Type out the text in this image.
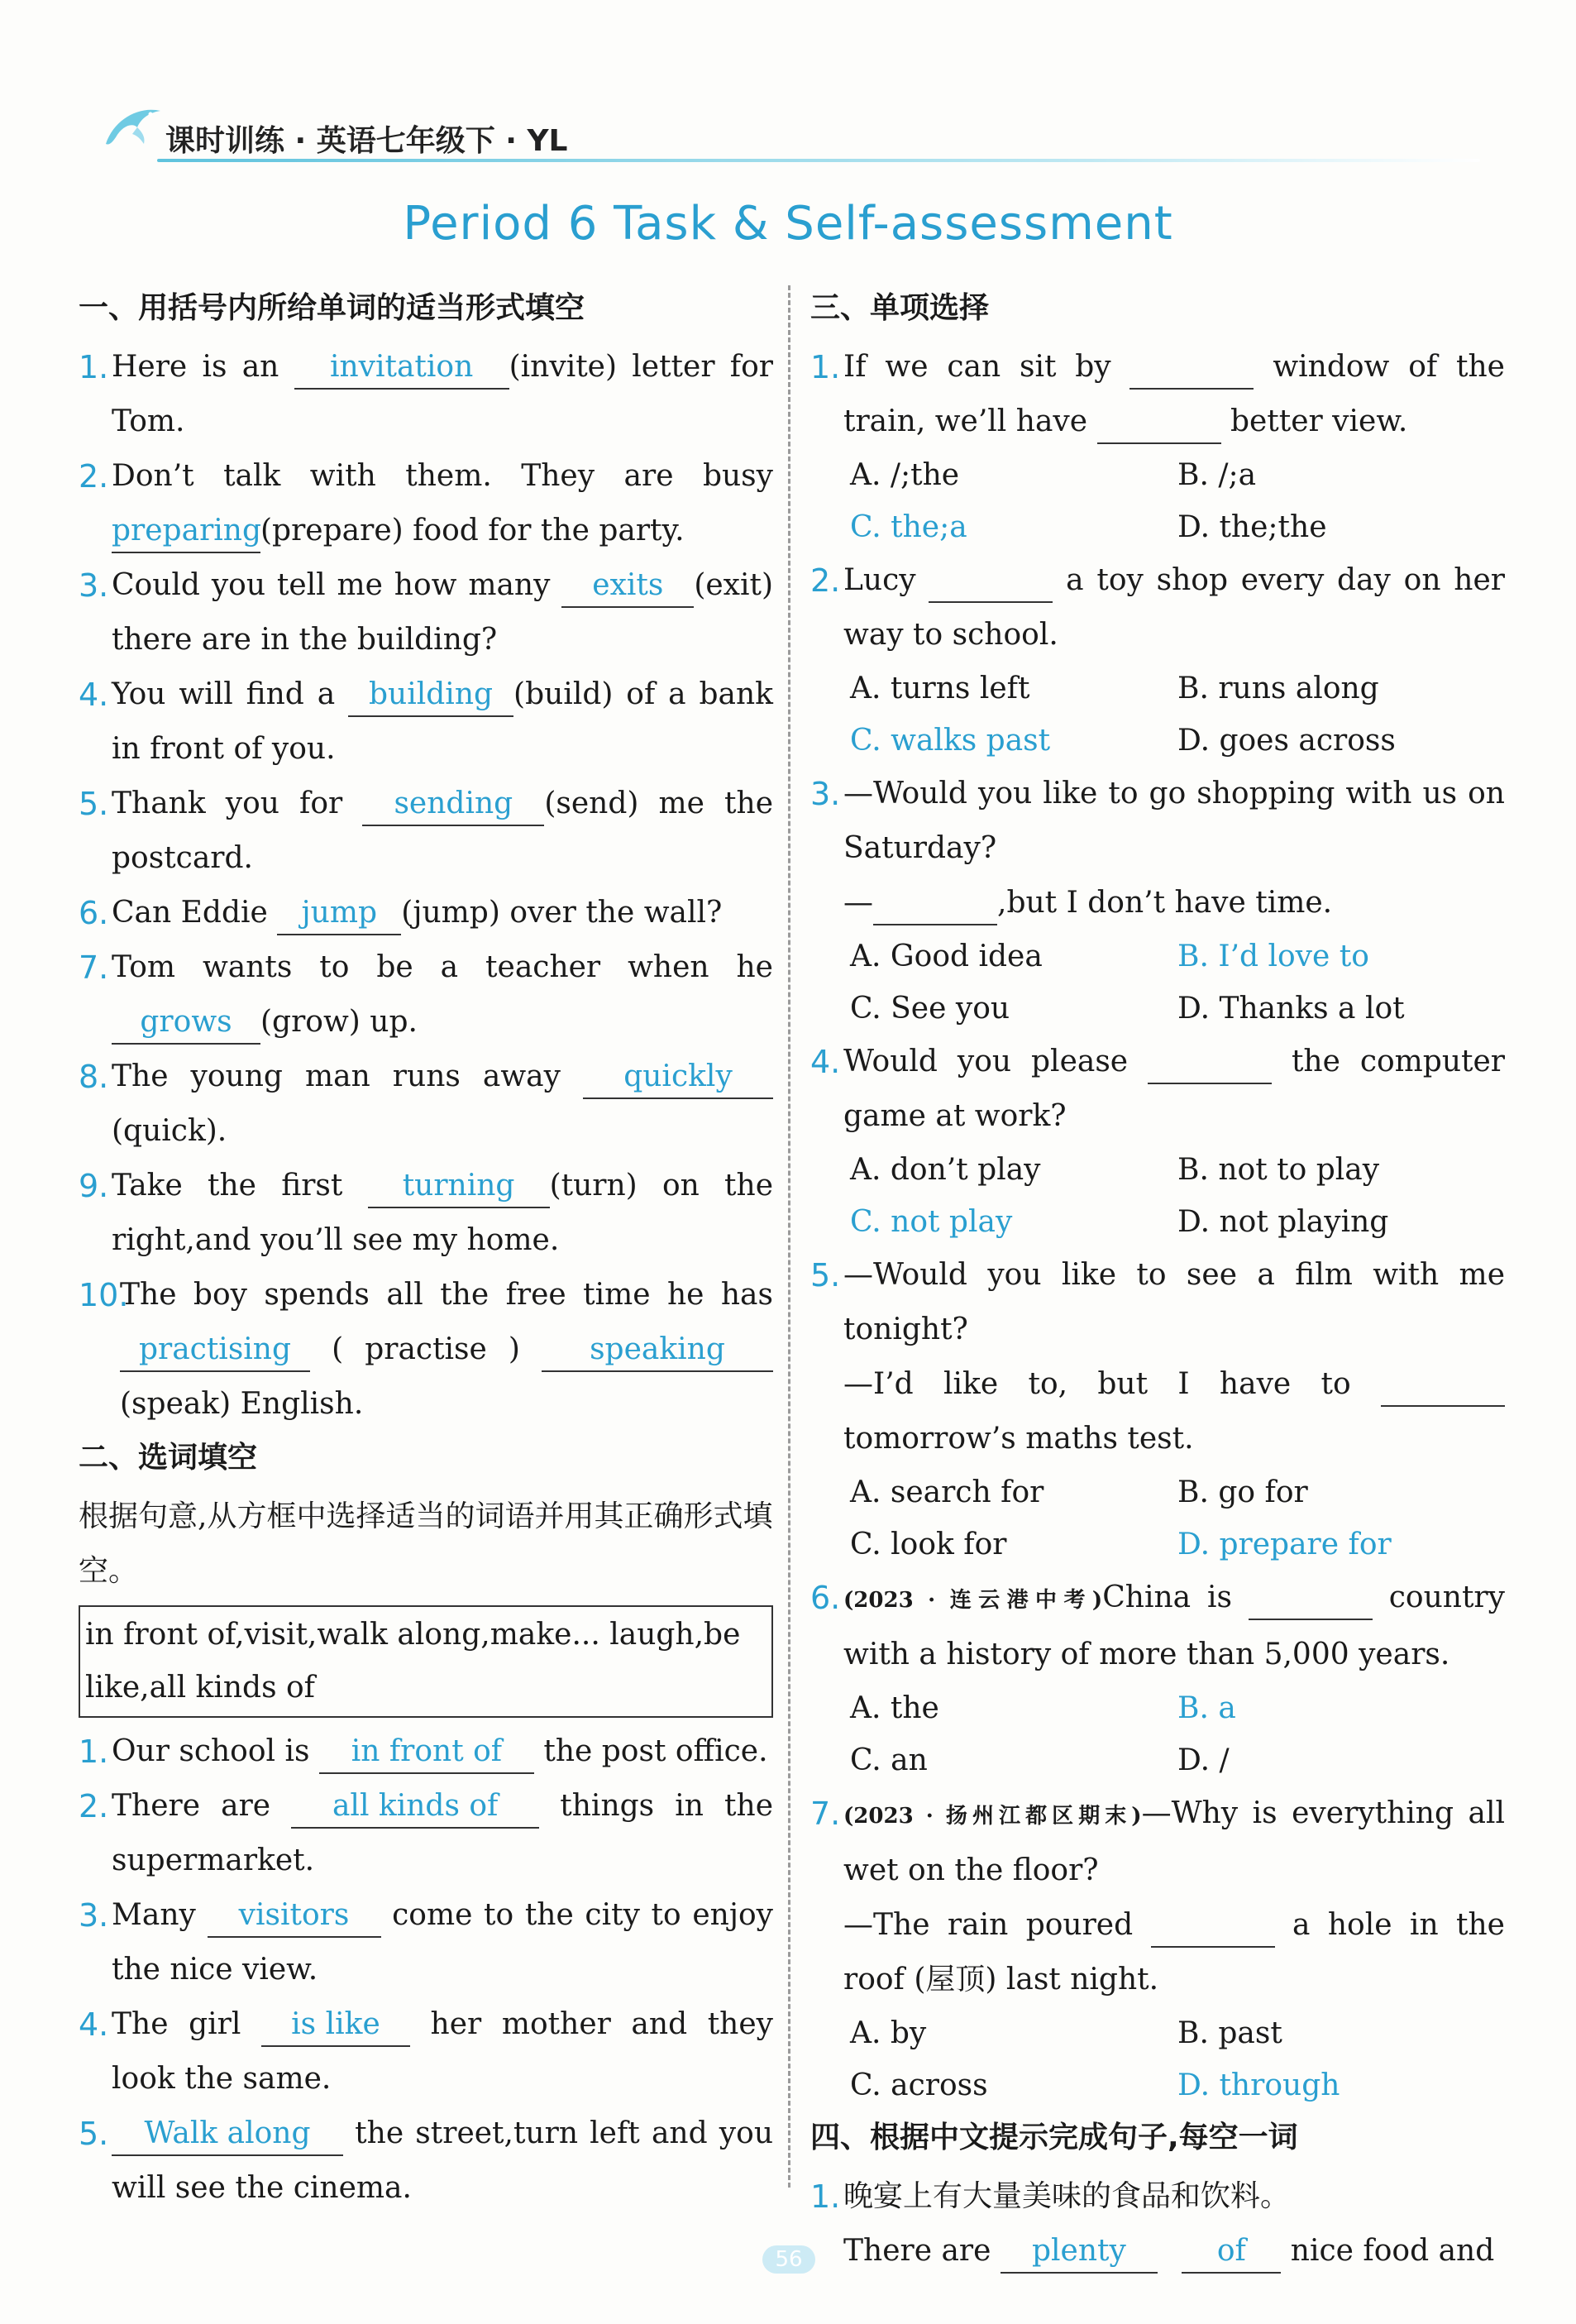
课时训练 · 英语七年级下 · YL
Period 6 Task & Self-assessment
一、用括号内所给单词的适当形式填空
1. Here is an invitation (invite) letter for Tom.
2. Don’t talk with them. They are busy preparing(prepare) food for the party.
3. Could you tell me how many exits (exit) there are in the building?
4. You will find a building (build) of a bank in front of you.
5. Thank you for sending (send) me the postcard.
6. Can Eddie jump (jump) over the wall?
7. Tom wants to be a teacher when he grows (grow) up.
8. The young man runs away quickly(quick).
9. Take the first turning (turn) on the right,and you’ll see my home.
10.
The boy spends all the free time he has practising ( practise ) speaking (speak) English.
二、选词填空

根据句意,从方框中选择适当的词语并用其正确形式填空。

in front of,visit,walk along,make... laugh,be like,all kinds of
1. Our school is in front of the post office.
2. There are all kinds of things in the supermarket.
3. Many visitors come to the city to enjoy the nice view.
4. The girl is like her mother and they look the same.
5. Walk along the street,turn left and you will see the cinema.
三、单项选择
1. If we can sit by	window of the train, we’ll have	better view.
A. /;the	B. /;a
C. the;a	D. the;the
2. Lucy	a toy shop every day on her way to school.
A. turns left	B. runs along
C. walks past	D. goes across
3. —Would you like to go shopping with us on Saturday?
—	,but I don’t have time.
A. Good idea	B. I’d love to
C. See you	D. Thanks a lot
4. Would you please	the computer game at work?
A. don’t play	B. not to play
C. not play	D. not playing
5. —Would you like to see a film with me tonight?
—I’d like to, but I have to  tomorrow’s maths test.
A. search for	B. go for
C. look for	D. prepare for
6. (2023 · 连云港中考)China is	country with a history of more than 5,000 years.
A. the	B. a
C. an	D. /
7. (2023 · 扬州江都区期末)—Why is everything all wet on the floor?
—The rain poured	a hole in the roof (屋顶) last night.
A. by	B. past
C. across	D. through
四、根据中文提示完成句子,每空一词
1. 晚宴上有大量美味的食品和饮料。
There are plenty	of nice food and
56
